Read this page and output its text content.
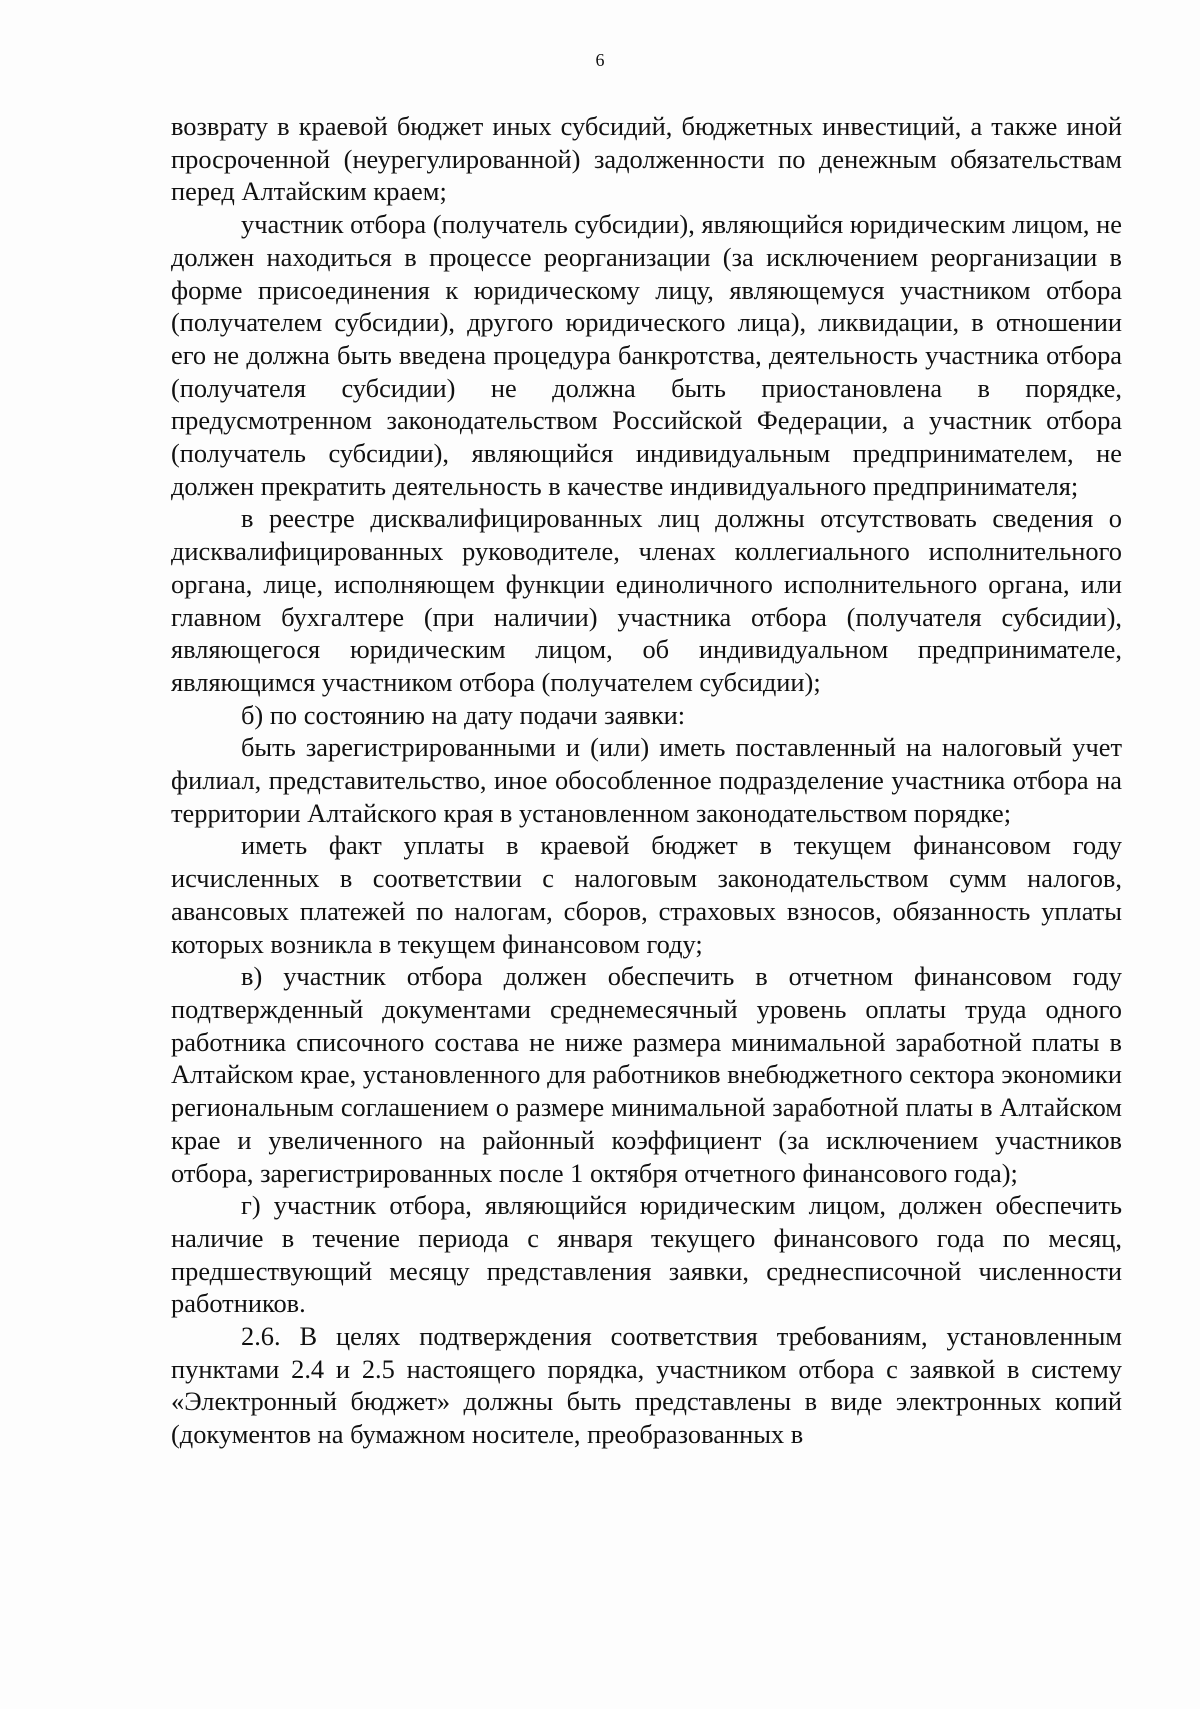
6

возврату в краевой бюджет иных субсидий, бюджетных инвестиций, а также иной просроченной (неурегулированной) задолженности по денежным обязательствам перед Алтайским краем;

участник отбора (получатель субсидии), являющийся юридическим лицом, не должен находиться в процессе реорганизации (за исключением реорганизации в форме присоединения к юридическому лицу, являющемуся участником отбора (получателем субсидии), другого юридического лица), ликвидации, в отношении его не должна быть введена процедура банкротства, деятельность участника отбора (получателя субсидии) не должна быть приостановлена в порядке, предусмотренном законодательством Российской Федерации, а участник отбора (получатель субсидии), являющийся индивидуальным предпринимателем, не должен прекратить деятельность в качестве индивидуального предпринимателя;

в реестре дисквалифицированных лиц должны отсутствовать сведения о дисквалифицированных руководителе, членах коллегиального исполнительного органа, лице, исполняющем функции единоличного исполнительного органа, или главном бухгалтере (при наличии) участника отбора (получателя субсидии), являющегося юридическим лицом, об индивидуальном предпринимателе, являющимся участником отбора (получателем субсидии);

б) по состоянию на дату подачи заявки:

быть зарегистрированными и (или) иметь поставленный на налоговый учет филиал, представительство, иное обособленное подразделение участника отбора на территории Алтайского края в установленном законодательством порядке;

иметь факт уплаты в краевой бюджет в текущем финансовом году исчисленных в соответствии с налоговым законодательством сумм налогов, авансовых платежей по налогам, сборов, страховых взносов, обязанность уплаты которых возникла в текущем финансовом году;

в) участник отбора должен обеспечить в отчетном финансовом году подтвержденный документами среднемесячный уровень оплаты труда одного работника списочного состава не ниже размера минимальной заработной платы в Алтайском крае, установленного для работников внебюджетного сектора экономики региональным соглашением о размере минимальной заработной платы в Алтайском крае и увеличенного на районный коэффициент (за исключением участников отбора, зарегистрированных после 1 октября отчетного финансового года);

г) участник отбора, являющийся юридическим лицом, должен обеспечить наличие в течение периода с января текущего финансового года по месяц, предшествующий месяцу представления заявки, среднесписочной численности работников.

2.6. В целях подтверждения соответствия требованиям, установленным пунктами 2.4 и 2.5 настоящего порядка, участником отбора с заявкой в систему «Электронный бюджет» должны быть представлены в виде электронных копий (документов на бумажном носителе, преобразованных в
